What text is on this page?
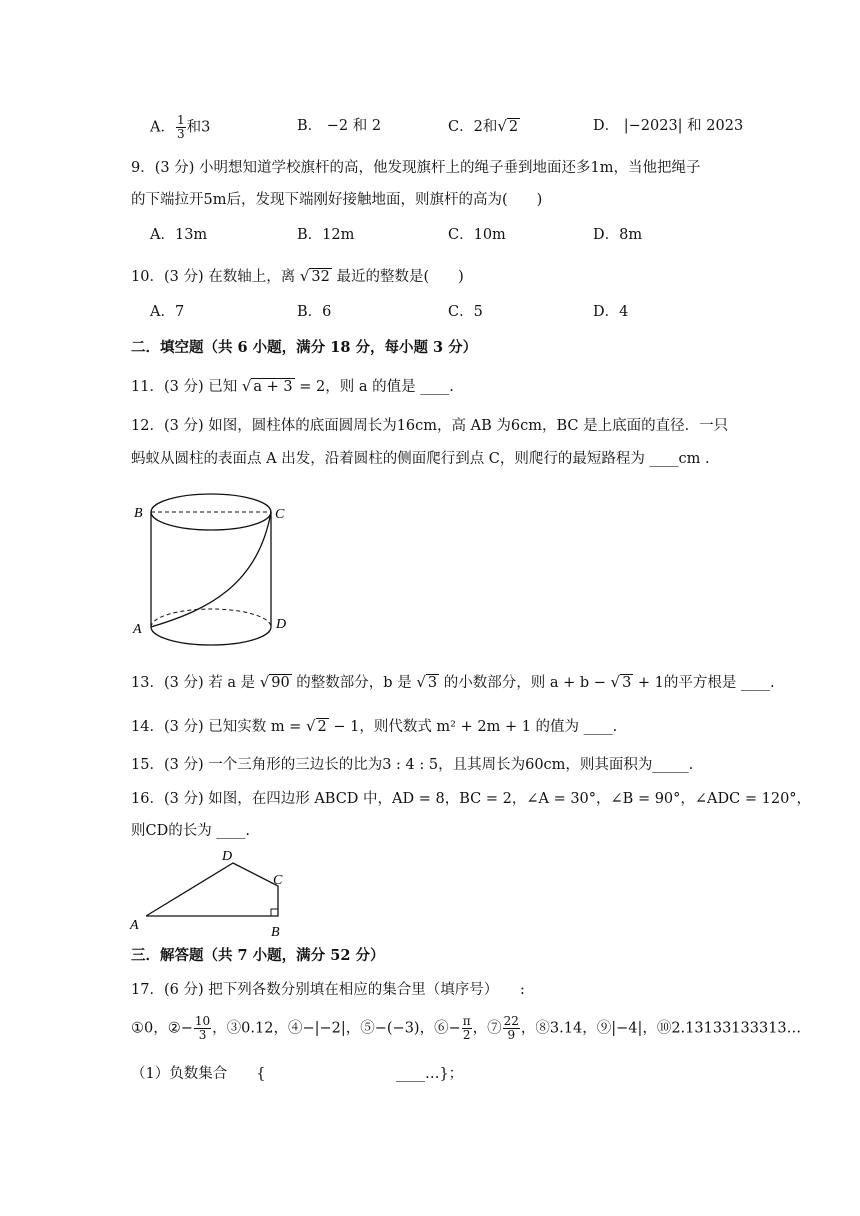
A． $\frac{1}{3}$ 和3	B． −2 和 2	C．2和√ 2	D． |−2023| 和 2023
9．(3 分) 小明想知道学校旗杆的高，他发现旗杆上的绳子垂到地面还多1m，当他把绳子
的下端拉开5m后，发现下端刚好接触地面，则旗杆的高为(　　)
A．13m	B．12m	C．10m	D．8m
10．(3 分) 在数轴上，离 √ 32 最近的整数是(　　)
A．7	B．6	C．5	D．4
二．填空题（共 6 小题，满分 18 分，每小题 3 分）
11．(3 分) 已知 √ a + 3 = 2，则 a 的值是 ____.
12．(3 分) 如图，圆柱体的底面圆周长为16cm，高 AB 为6cm，BC 是上底面的直径．一只
蚂蚁从圆柱的表面点 A 出发，沿着圆柱的侧面爬行到点 C，则爬行的最短路程为 ____cm .
B	C
A	D
13．(3 分) 若 a 是 √ 90 的整数部分，b 是 √ 3 的小数部分，则 a + b − √ 3 + 1的平方根是 ____.
14．(3 分) 已知实数 m = √ 2 − 1，则代数式 m² + 2m + 1 的值为 ____.
15．(3 分) 一个三角形的三边长的比为3 : 4 : 5，且其周长为60cm，则其面积为_____.
16．(3 分) 如图，在四边形 ABCD 中，AD = 8，BC = 2，∠A = 30°，∠B = 90°，∠ADC = 120°，
则CD的长为 ____.
A	B
C
D
三．解答题（共 7 小题，满分 52 分）
17．(6 分) 把下列各数分别填在相应的集合里（填序号）　　:
①0，②− $\frac{10}{3}$ ，③0.12，④−|−2|，⑤−(−3)，⑥− $\frac{\pi}{2}$ ，⑦ $\frac{22}{9}$ ，⑧3.14，⑨|−4|，⑩2.13133133313…
（1）负数集合　　{　　　　　　　　　____…}；
